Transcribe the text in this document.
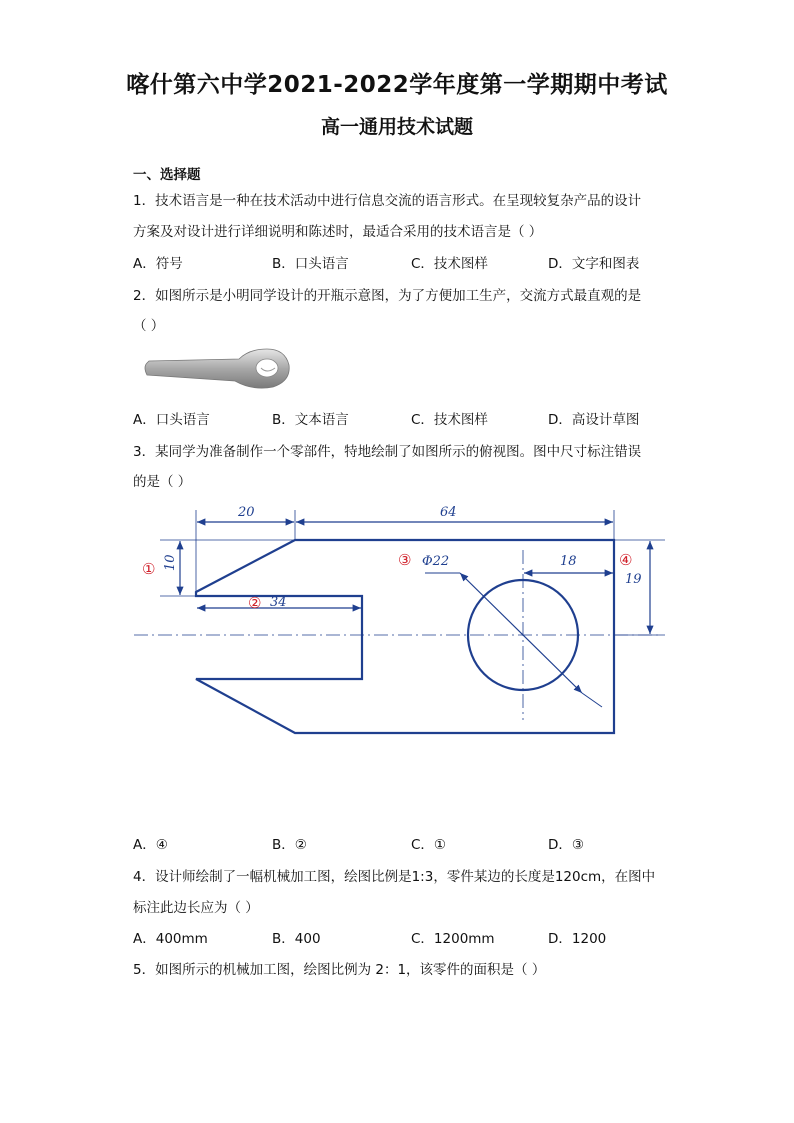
喀什第六中学2021-2022学年度第一学期期中考试
高一通用技术试题
一、选择题
1．技术语言是一种在技术活动中进行信息交流的语言形式。在呈现较复杂产品的设计
方案及对设计进行详细说明和陈述时，最适合采用的技术语言是（ ）
A．符号	B．口头语言	C．技术图样	D．文字和图表
2．如图所示是小明同学设计的开瓶示意图，为了方便加工生产，交流方式最直观的是
（ ）
A．口头语言	B．文本语言	C．技术图样	D．高设计草图
3．某同学为准备制作一个零部件，特地绘制了如图所示的俯视图。图中尺寸标注错误
的是（ ）
20	64
10
34
Φ22	18
19
①
②
③	④
A．④	B．②	C．①	D．③
4．设计师绘制了一幅机械加工图，绘图比例是1:3，零件某边的长度是120cm，在图中
标注此边长应为（ ）
A．400mm	B．400	C．1200mm	D．1200
5．如图所示的机械加工图，绘图比例为 2：1，该零件的面积是（ ）
